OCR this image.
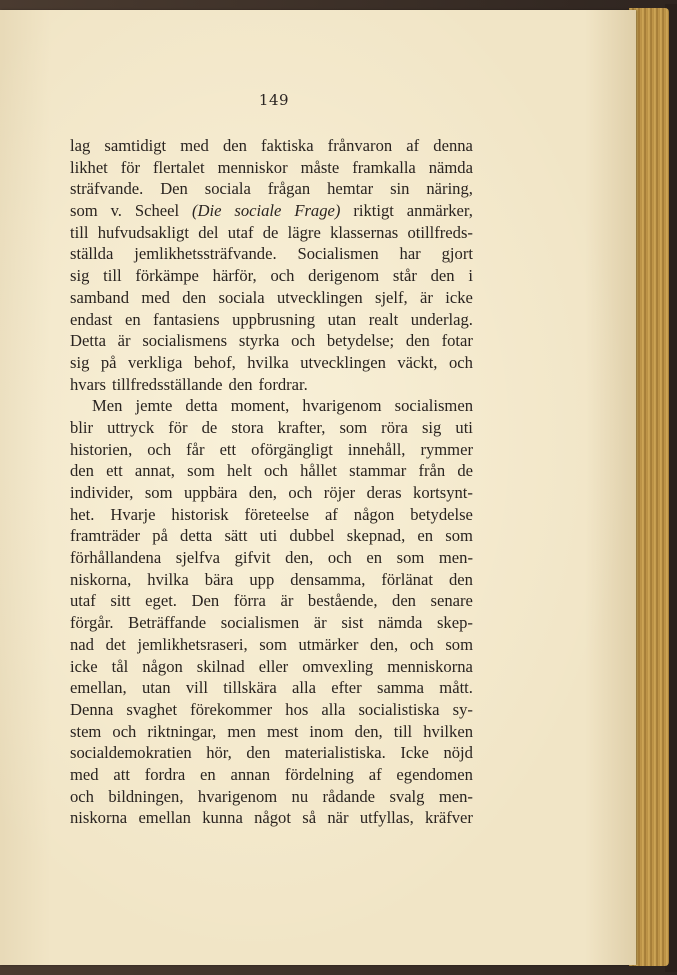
149
lag samtidigt med den faktiska frånvaron af denna
likhet för flertalet menniskor måste framkalla nämda
sträfvande. Den sociala frågan hemtar sin näring,
som v. Scheel (Die sociale Frage) riktigt anmärker,
till hufvudsakligt del utaf de lägre klassernas otillfreds-
ställda jemlikhetssträfvande. Socialismen har gjort
sig till förkämpe härför, och derigenom står den i
samband med den sociala utvecklingen sjelf, är icke
endast en fantasiens uppbrusning utan realt underlag.
Detta är socialismens styrka och betydelse; den fotar
sig på verkliga behof, hvilka utvecklingen väckt, och
hvars tillfredsställande den fordrar.
Men jemte detta moment, hvarigenom socialismen
blir uttryck för de stora krafter, som röra sig uti
historien, och får ett oförgängligt innehåll, rymmer
den ett annat, som helt och hållet stammar från de
individer, som uppbära den, och röjer deras kortsynt-
het. Hvarje historisk företeelse af någon betydelse
framträder på detta sätt uti dubbel skepnad, en som
förhållandena sjelfva gifvit den, och en som men-
niskorna, hvilka bära upp densamma, förlänat den
utaf sitt eget. Den förra är bestående, den senare
förgår. Beträffande socialismen är sist nämda skep-
nad det jemlikhetsraseri, som utmärker den, och som
icke tål någon skilnad eller omvexling menniskorna
emellan, utan vill tillskära alla efter samma mått.
Denna svaghet förekommer hos alla socialistiska sy-
stem och riktningar, men mest inom den, till hvilken
socialdemokratien hör, den materialistiska. Icke nöjd
med att fordra en annan fördelning af egendomen
och bildningen, hvarigenom nu rådande svalg men-
niskorna emellan kunna något så när utfyllas, kräfver
